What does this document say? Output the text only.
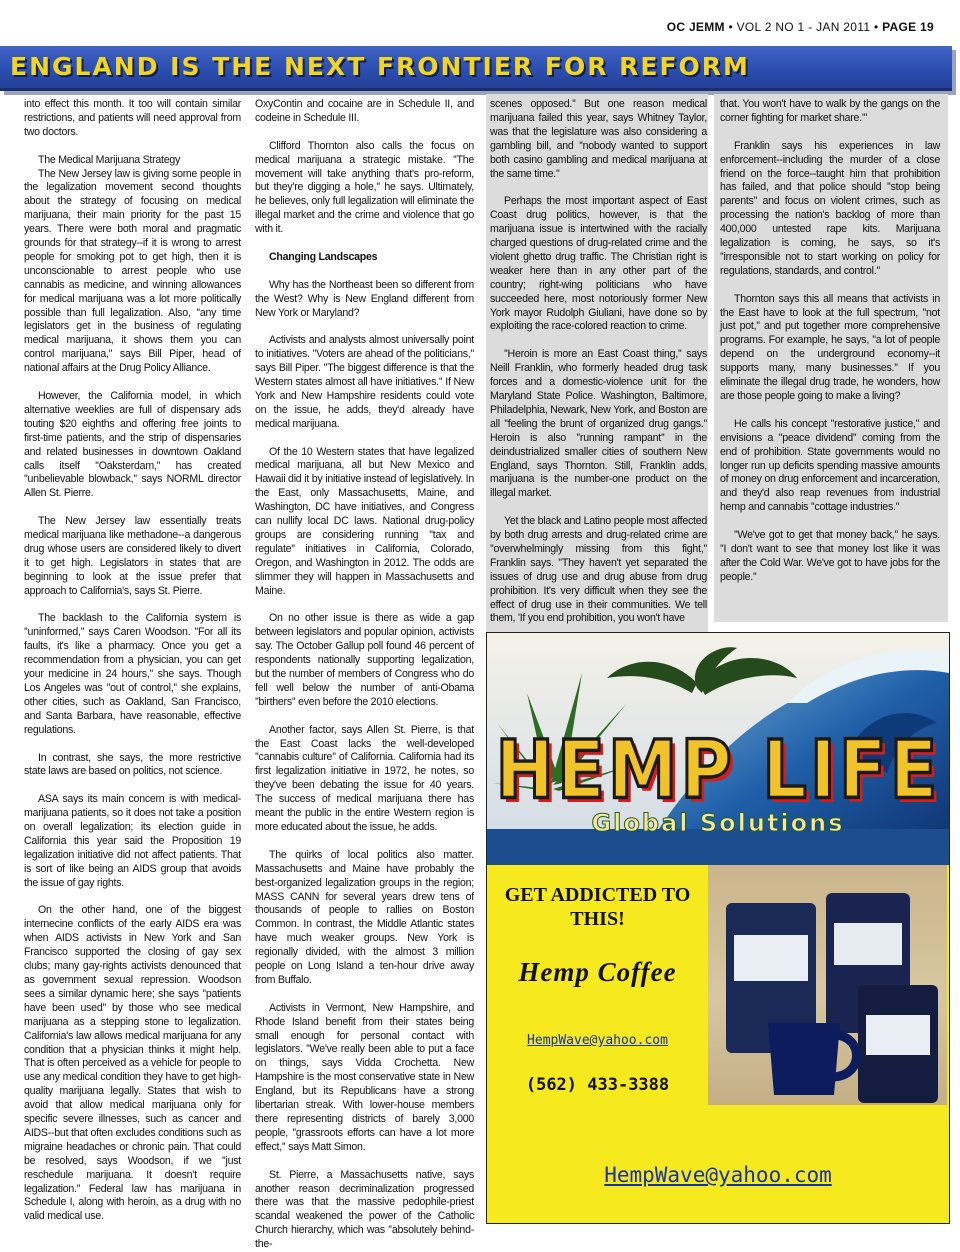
OC JEMM • VOL 2 NO 1 - JAN 2011 • PAGE 19
ENGLAND IS THE NEXT FRONTIER FOR REFORM

into effect this month. It too will contain similar restrictions, and patients will need approval from two doctors.

The Medical Marijuana Strategy

The New Jersey law is giving some people in the legalization movement second thoughts about the strategy of focusing on medical marijuana, their main priority for the past 15 years. There were both moral and pragmatic grounds for that strategy--if it is wrong to arrest people for smoking pot to get high, then it is unconscionable to arrest people who use cannabis as medicine, and winning allowances for medical marijuana was a lot more politically possible than full legalization. Also, ''any time legislators get in the business of regulating medical marijuana, it shows them you can control marijuana,'' says Bill Piper, head of national affairs at the Drug Policy Alliance.

However, the California model, in which alternative weeklies are full of dispensary ads touting $20 eighths and offering free joints to first-time patients, and the strip of dispensaries and related businesses in downtown Oakland calls itself ''Oaksterdam,'' has created ''unbelievable blowback,'' says NORML director Allen St. Pierre.

The New Jersey law essentially treats medical marijuana like methadone--a dangerous drug whose users are considered likely to divert it to get high. Legislators in states that are beginning to look at the issue prefer that approach to California's, says St. Pierre.

The backlash to the California system is ''uninformed,'' says Caren Woodson. ''For all its faults, it's like a pharmacy. Once you get a recommendation from a physician, you can get your medicine in 24 hours,'' she says. Though Los Angeles was ''out of control,'' she explains, other cities, such as Oakland, San Francisco, and Santa Barbara, have reasonable, effective regulations.

In contrast, she says, the more restrictive state laws are based on politics, not science.

ASA says its main concern is with medical-marijuana patients, so it does not take a position on overall legalization; its election guide in California this year said the Proposition 19 legalization initiative did not affect patients. That is sort of like being an AIDS group that avoids the issue of gay rights.

On the other hand, one of the biggest internecine conflicts of the early AIDS era was when AIDS activists in New York and San Francisco supported the closing of gay sex clubs; many gay-rights activists denounced that as government sexual repression. Woodson sees a similar dynamic here; she says ''patients have been used'' by those who see medical marijuana as a stepping stone to legalization. California's law allows medical marijuana for any condition that a physician thinks it might help. That is often perceived as a vehicle for people to use any medical condition they have to get high-quality marijuana legally. States that wish to avoid that allow medical marijuana only for specific severe illnesses, such as cancer and AIDS--but that often excludes conditions such as migraine headaches or chronic pain. That could be resolved, says Woodson, if we ''just reschedule marijuana. It doesn't require legalization.'' Federal law has marijuana in Schedule I, along with heroin, as a drug with no valid medical use.

OxyContin and cocaine are in Schedule II, and codeine in Schedule III.

Clifford Thornton also calls the focus on medical marijuana a strategic mistake. ''The movement will take anything that's pro-reform, but they're digging a hole,'' he says. Ultimately, he believes, only full legalization will eliminate the illegal market and the crime and violence that go with it.

Changing Landscapes

Why has the Northeast been so different from the West? Why is New England different from New York or Maryland?

Activists and analysts almost universally point to initiatives. ''Voters are ahead of the politicians,'' says Bill Piper. ''The biggest difference is that the Western states almost all have initiatives.'' If New York and New Hampshire residents could vote on the issue, he adds, they'd already have medical marijuana.

Of the 10 Western states that have legalized medical marijuana, all but New Mexico and Hawaii did it by initiative instead of legislatively. In the East, only Massachusetts, Maine, and Washington, DC have initiatives, and Congress can nullify local DC laws. National drug-policy groups are considering running ''tax and regulate'' initiatives in California, Colorado, Oregon, and Washington in 2012. The odds are slimmer they will happen in Massachusetts and Maine.

On no other issue is there as wide a gap between legislators and popular opinion, activists say. The October Gallup poll found 46 percent of respondents nationally supporting legalization, but the number of members of Congress who do fell well below the number of anti-Obama ''birthers'' even before the 2010 elections.

Another factor, says Allen St. Pierre, is that the East Coast lacks the well-developed ''cannabis culture'' of California. California had its first legalization initiative in 1972, he notes, so they've been debating the issue for 40 years. The success of medical marijuana there has meant the public in the entire Western region is more educated about the issue, he adds.

The quirks of local politics also matter. Massachusetts and Maine have probably the best-organized legalization groups in the region; MASS CANN for several years drew tens of thousands of people to rallies on Boston Common. In contrast, the Middle Atlantic states have much weaker groups. New York is regionally divided, with the almost 3 million people on Long Island a ten-hour drive away from Buffalo.

Activists in Vermont, New Hampshire, and Rhode Island benefit from their states being small enough for personal contact with legislators. ''We've really been able to put a face on things, says Vidda Crochetta. New Hampshire is the most conservative state in New England, but its Republicans have a strong libertarian streak. With lower-house members there representing districts of barely 3,000 people, ''grassroots efforts can have a lot more effect,'' says Matt Simon.

St. Pierre, a Massachusetts native, says another reason decriminalization progressed there was that the massive pedophile-priest scandal weakened the power of the Catholic Church hierarchy, which was ''absolutely behind-the-

scenes opposed.'' But one reason medical marijuana failed this year, says Whitney Taylor, was that the legislature was also considering a gambling bill, and ''nobody wanted to support both casino gambling and medical marijuana at the same time.''

Perhaps the most important aspect of East Coast drug politics, however, is that the marijuana issue is intertwined with the racially charged questions of drug-related crime and the violent ghetto drug traffic. The Christian right is weaker here than in any other part of the country; right-wing politicians who have succeeded here, most notoriously former New York mayor Rudolph Giuliani, have done so by exploiting the race-colored reaction to crime.

''Heroin is more an East Coast thing,'' says Neill Franklin, who formerly headed drug task forces and a domestic-violence unit for the Maryland State Police. Washington, Baltimore, Philadelphia, Newark, New York, and Boston are all ''feeling the brunt of organized drug gangs.'' Heroin is also ''running rampant'' in the deindustrialized smaller cities of southern New England, says Thornton. Still, Franklin adds, marijuana is the number-one product on the illegal market.

Yet the black and Latino people most affected by both drug arrests and drug-related crime are ''overwhelmingly missing from this fight,'' Franklin says. ''They haven't yet separated the issues of drug use and drug abuse from drug prohibition. It's very difficult when they see the effect of drug use in their communities. We tell them, 'If you end prohibition, you won't have

that. You won't have to walk by the gangs on the corner fighting for market share.'''

Franklin says his experiences in law enforcement--including the murder of a close friend on the force--taught him that prohibition has failed, and that police should ''stop being parents'' and focus on violent crimes, such as processing the nation's backlog of more than 400,000 untested rape kits. Marijuana legalization is coming, he says, so it's ''irresponsible not to start working on policy for regulations, standards, and control.''

Thornton says this all means that activists in the East have to look at the full spectrum, ''not just pot,'' and put together more comprehensive programs. For example, he says, ''a lot of people depend on the underground economy--it supports many, many businesses.'' If you eliminate the illegal drug trade, he wonders, how are those people going to make a living?

He calls his concept ''restorative justice,'' and envisions a ''peace dividend'' coming from the end of prohibition. State governments would no longer run up deficits spending massive amounts of money on drug enforcement and incarceration, and they'd also reap revenues from industrial hemp and cannabis ''cottage industries.''

''We've got to get that money back,'' he says. ''I don't want to see that money lost like it was after the Cold War. We've got to have jobs for the people.''

HEMP LIFE
Global Solutions
GET ADDICTED TO THIS!
Hemp Coffee
HempWave@yahoo.com
(562) 433-3388
HempWave@yahoo.com
